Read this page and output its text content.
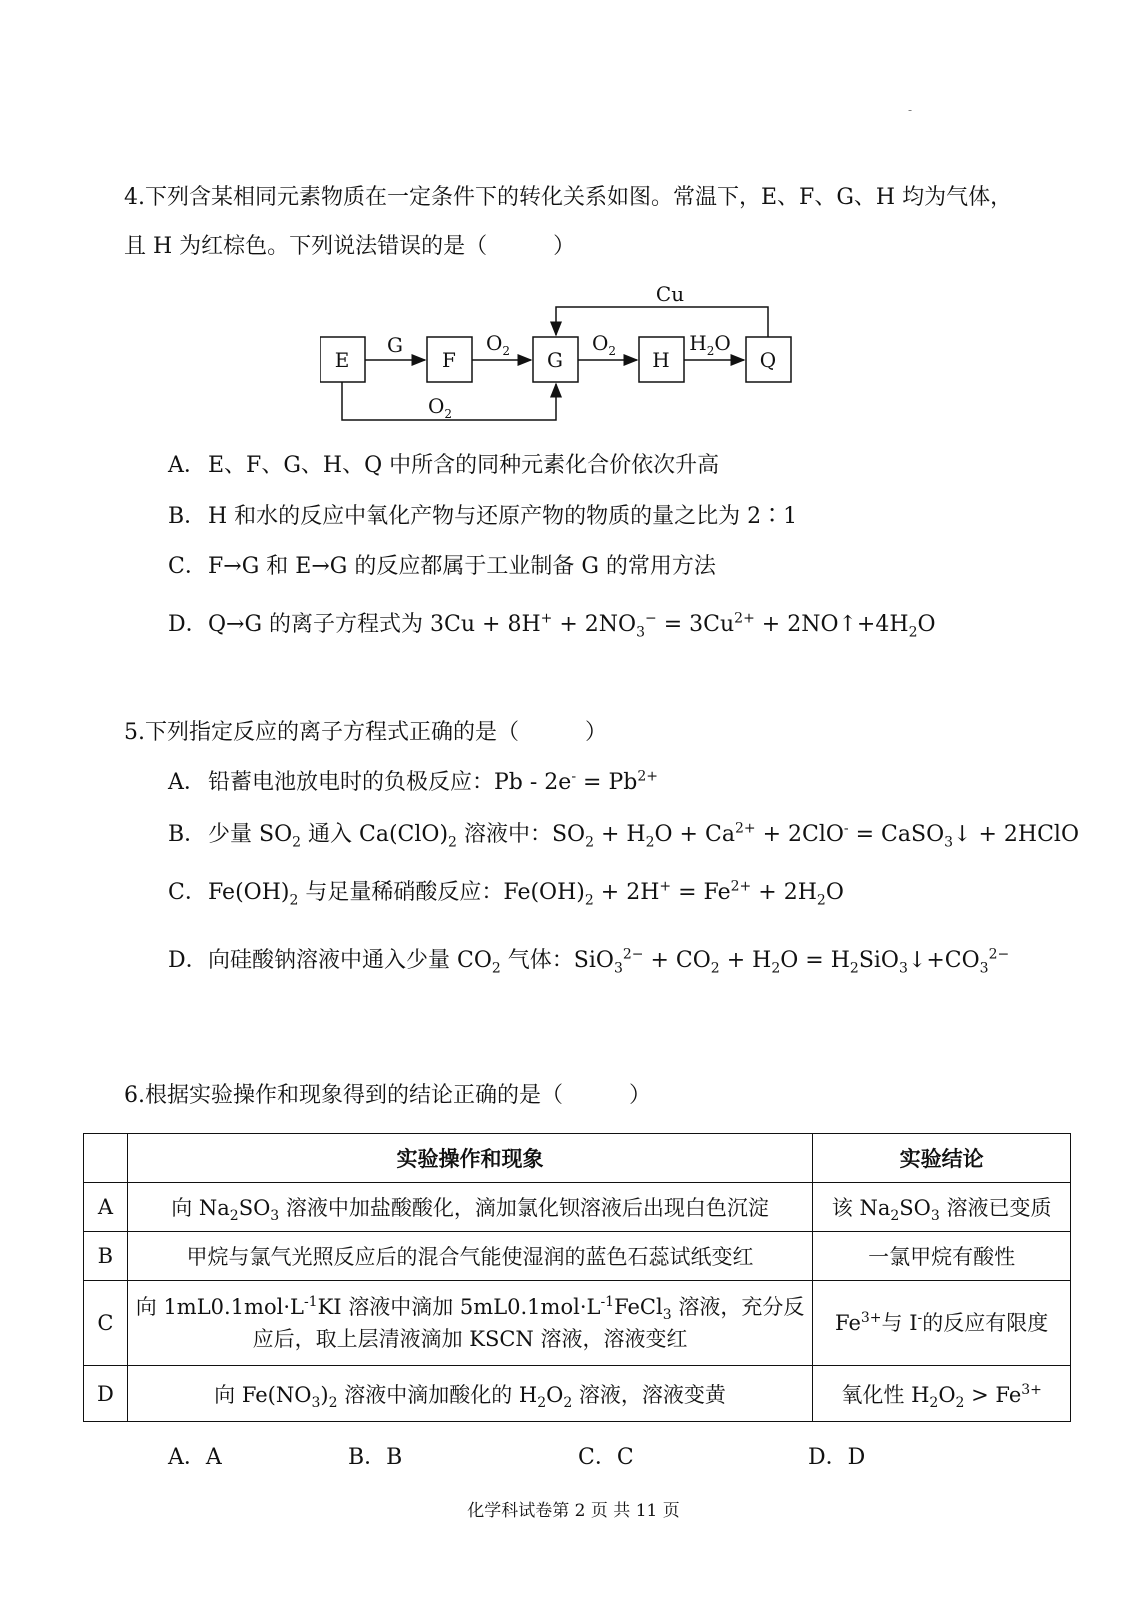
-
4.下列含某相同元素物质在一定条件下的转化关系如图。常温下，E、F、G、H 均为气体，
且 H 为红棕色。下列说法错误的是（　　　）
E	F	G	H	Q
G	$O_2$	$O_2$	$H_2O$
Cu
$O_2$
A．E、F、G、H、Q 中所含的同种元素化合价依次升高
B．H 和水的反应中氧化产物与还原产物的物质的量之比为 2∶1
C．F→G 和 E→G 的反应都属于工业制备 G 的常用方法
D．Q→G 的离子方程式为 $3Cu + 8H^+ + 2NO_3^- = 3Cu^{2+}$ + $2NO↑+4H_2O$
5.下列指定反应的离子方程式正确的是（　　　）
A．铅蓄电池放电时的负极反应：$Pb - 2e^- = Pb^{2+}$
B．少量 $SO_2$ 通入 $Ca(ClO)_2$ 溶液中：$SO_2 + H_2O + Ca^{2+} + 2ClO^-$ = CaSO$_3$↓ + 2HClO
C．$Fe(OH)_2$ 与足量稀硝酸反应：$Fe(OH)_2 + 2H^+ = Fe^{2+} + 2H_2O$
D．向硅酸钠溶液中通入少量 $CO_2$ 气体：$SiO_3^{2-} + CO_2 + H_2O$ = $H_2SiO_3↓+CO_3^{2-}$
6.根据实验操作和现象得到的结论正确的是（　　　）
	实验操作和现象	实验结论
A	向 $Na_2SO_3$ 溶液中加盐酸酸化，滴加氯化钡溶液后出现白色沉淀	该 $Na_2SO_3$ 溶液已变质
B	甲烷与氯气光照反应后的混合气能使湿润的蓝色石蕊试纸变红	一氯甲烷有酸性
C	向 $1mL0.1mol\cdot L^{-1}KI$ 溶液中滴加 $5mL0.1mol\cdot L^{-1}FeCl_3$ 溶液，充分反
应后，取上层清液滴加 KSCN 溶液，溶液变红	$Fe^{3+}$与 I-的反应有限度
D	向 $Fe(NO_3)_2$ 溶液中滴加酸化的 $H_2O_2$ 溶液，溶液变黄	氧化性 $H_2O_2 > Fe^{3+}$
A．A	B．B	C．C	D．D
化学科试卷第 2 页 共 11 页
